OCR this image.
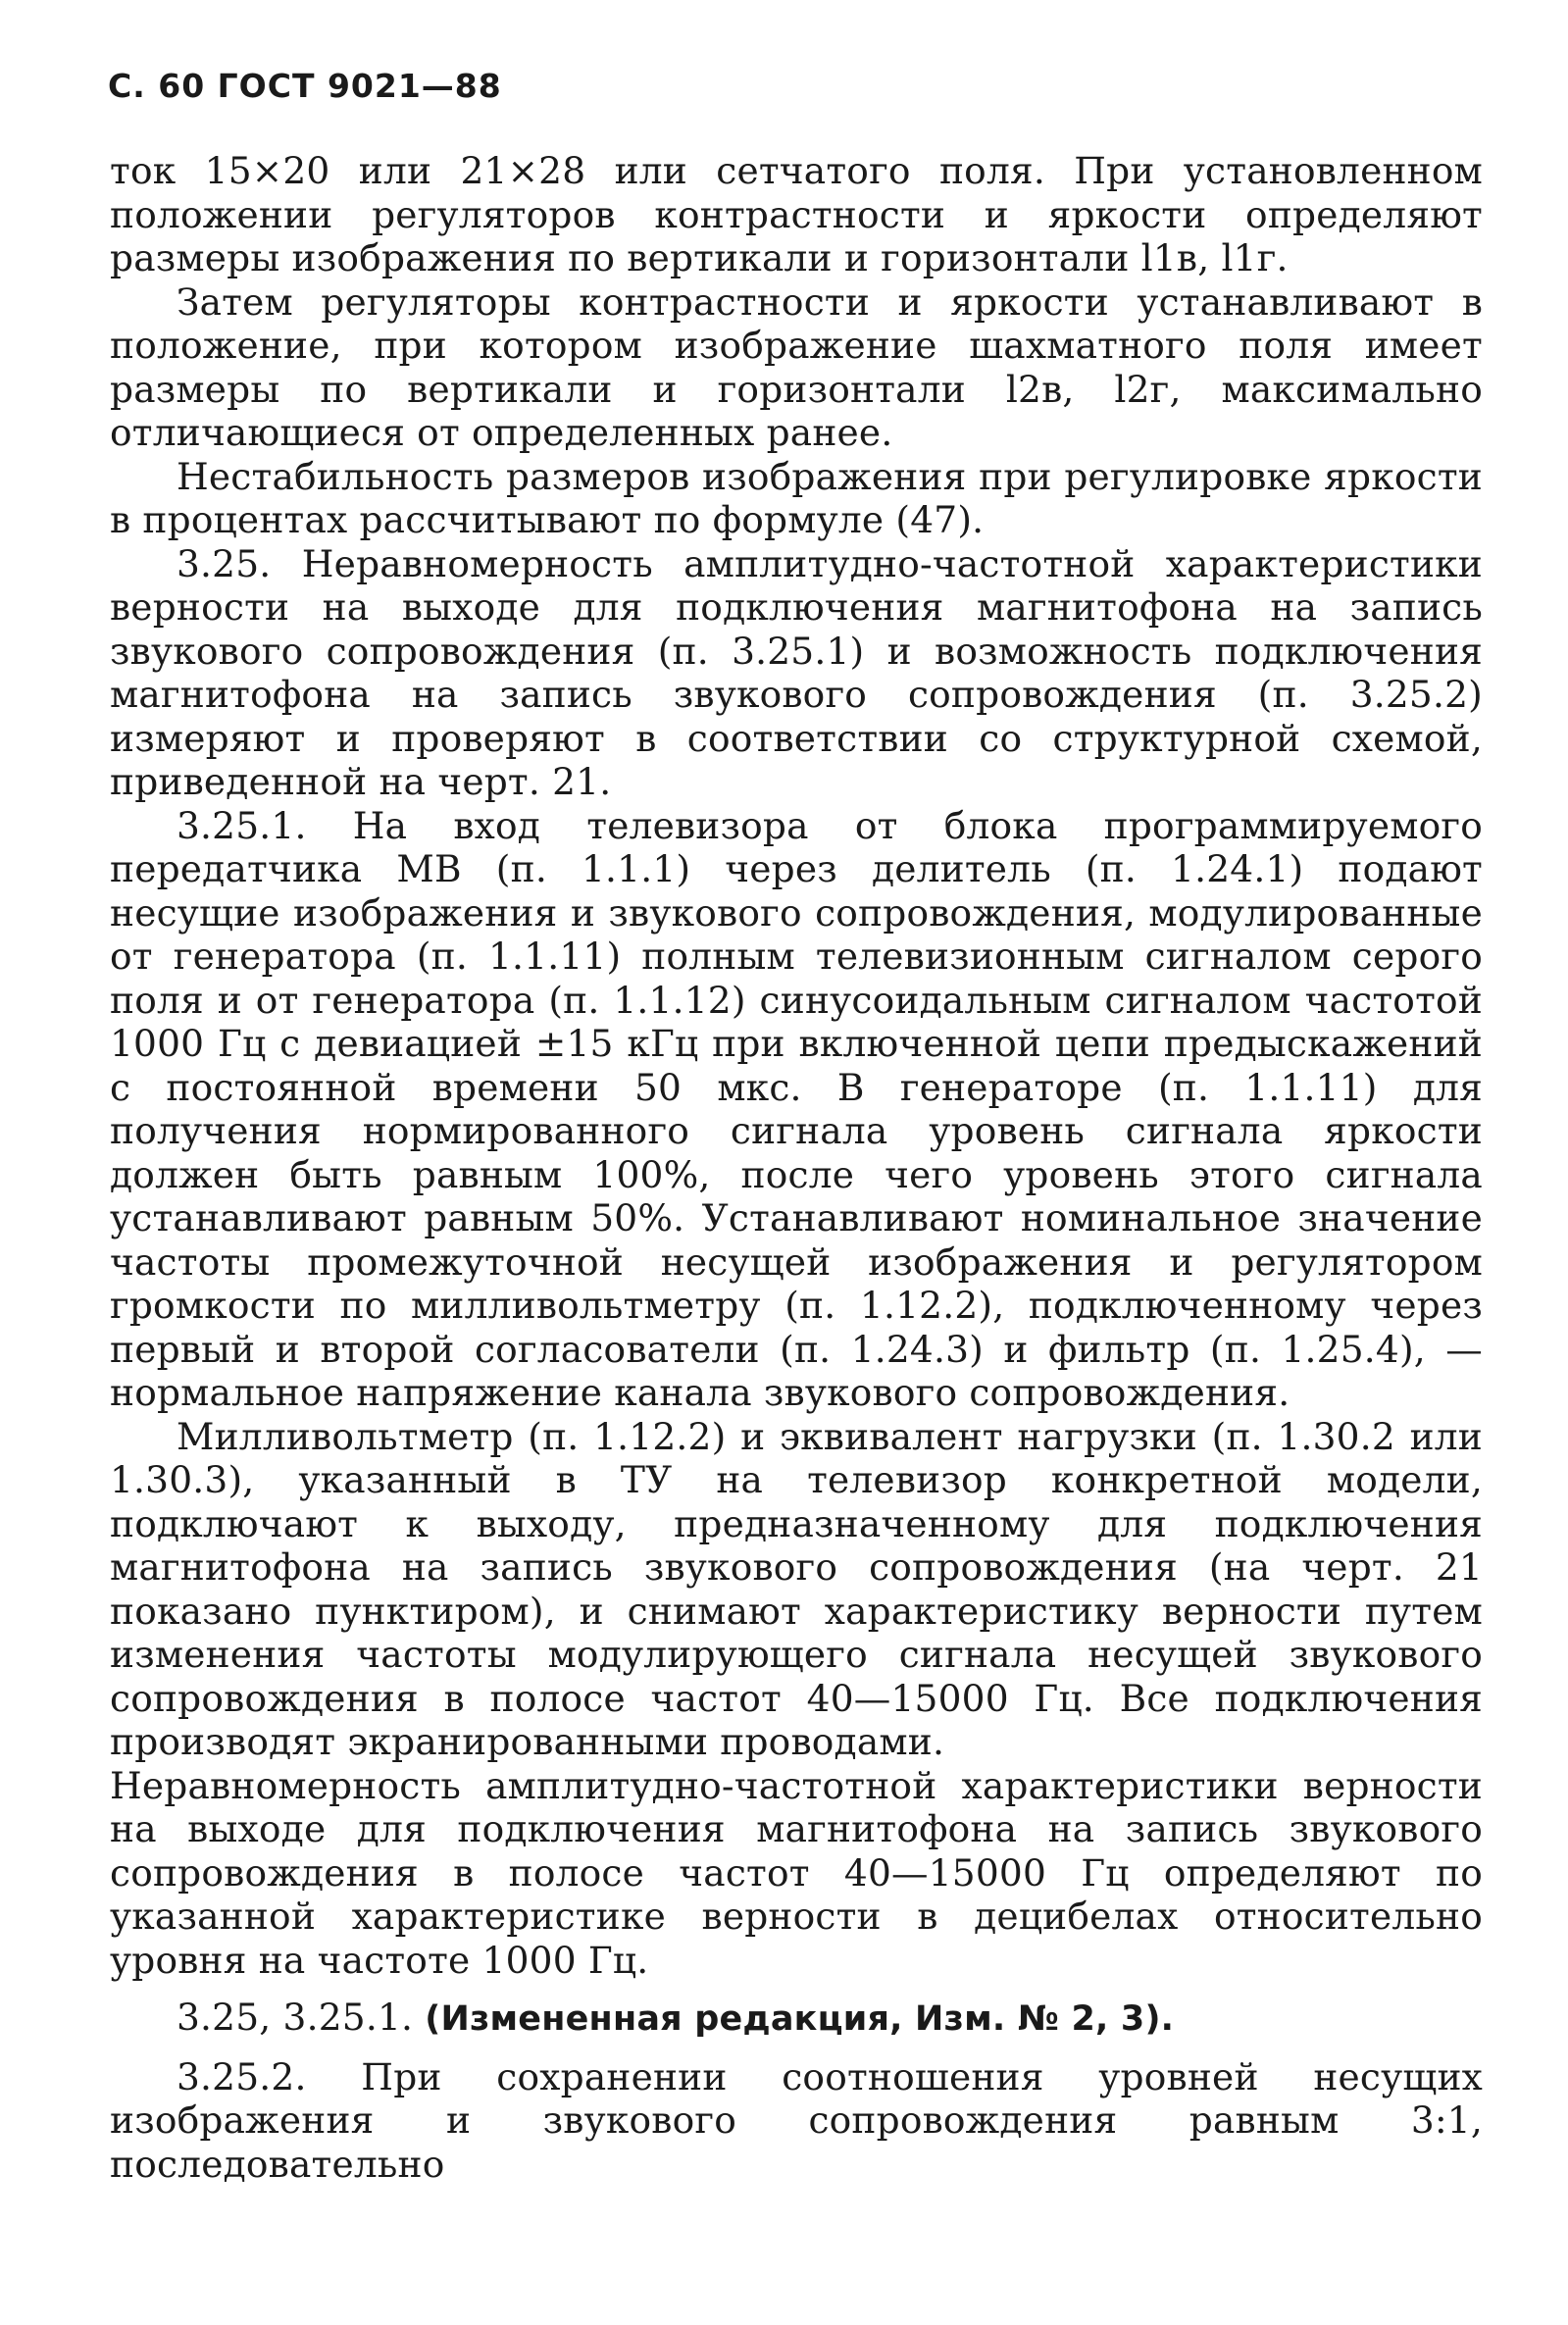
С. 60 ГОСТ 9021—88

ток 15×20 или 21×28 или сетчатого поля. При установленном положении регуляторов контрастности и яркости определяют размеры изображения по вертикали и горизонтали l1в, l1г.

Затем регуляторы контрастности и яркости устанавливают в положение, при котором изображение шахматного поля имеет размеры по вертикали и горизонтали l2в, l2г, максимально отличающиеся от определенных ранее.

Нестабильность размеров изображения при регулировке яркости в процентах рассчитывают по формуле (47).

3.25. Неравномерность амплитудно-частотной характеристики верности на выходе для подключения магнитофона на запись звукового сопровождения (п. 3.25.1) и возможность подключения магнитофона на запись звукового сопровождения (п. 3.25.2) измеряют и проверяют в соответствии со структурной схемой, приведенной на черт. 21.

3.25.1. На вход телевизора от блока программируемого передатчика МВ (п. 1.1.1) через делитель (п. 1.24.1) подают несущие изображения и звукового сопровождения, модулированные от генератора (п. 1.1.11) полным телевизионным сигналом серого поля и от генератора (п. 1.1.12) синусоидальным сигналом частотой 1000 Гц с девиацией ±15 кГц при включенной цепи предыскажений с постоянной времени 50 мкс. В генераторе (п. 1.1.11) для получения нормированного сигнала уровень сигнала яркости должен быть равным 100%, после чего уровень этого сигнала устанавливают равным 50%. Устанавливают номинальное значение частоты промежуточной несущей изображения и регулятором громкости по милливольтметру (п. 1.12.2), подключенному через первый и второй согласователи (п. 1.24.3) и фильтр (п. 1.25.4), — нормальное напряжение канала звукового сопровождения.

Милливольтметр (п. 1.12.2) и эквивалент нагрузки (п. 1.30.2 или 1.30.3), указанный в ТУ на телевизор конкретной модели, подключают к выходу, предназначенному для подключения магнитофона на запись звукового сопровождения (на черт. 21 показано пунктиром), и снимают характеристику верности путем изменения частоты модулирующего сигнала несущей звукового сопровождения в полосе частот 40—15000 Гц. Все подключения производят экранированными проводами.

Неравномерность амплитудно-частотной характеристики верности на выходе для подключения магнитофона на запись звукового сопровождения в полосе частот 40—15000 Гц определяют по указанной характеристике верности в децибелах относительно уровня на частоте 1000 Гц.

3.25, 3.25.1. (Измененная редакция, Изм. № 2, 3).

3.25.2. При сохранении соотношения уровней несущих изображения и звукового сопровождения равным 3:1, последовательно
